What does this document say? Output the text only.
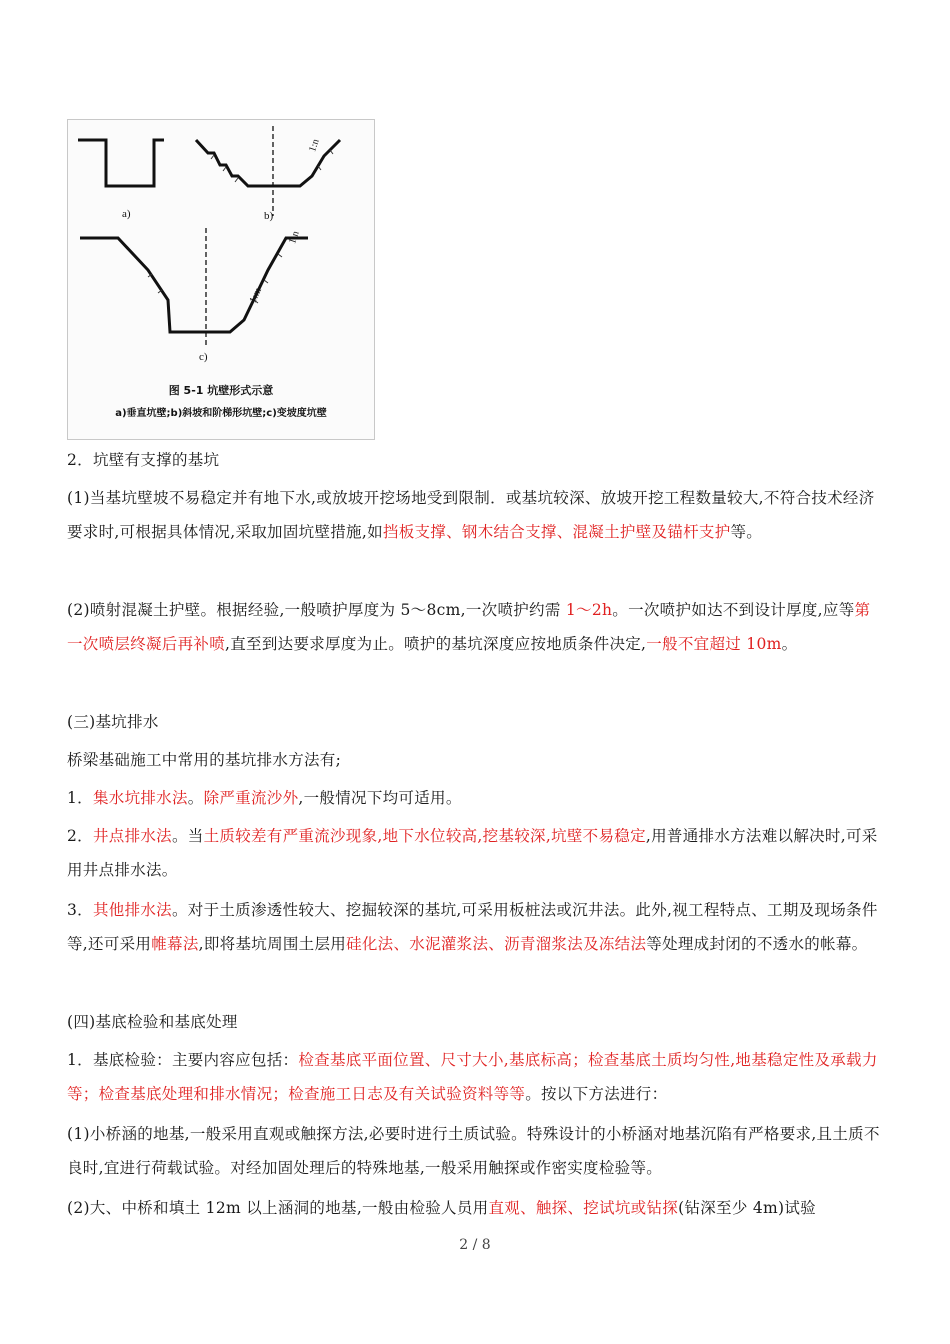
a)	b)
c)
1:n
1:n
1:m
图 5-1 坑壁形式示意
a)垂直坑壁;b)斜坡和阶梯形坑壁;c)变坡度坑壁
2．坑壁有支撑的基坑
(1)当基坑壁坡不易稳定并有地下水,或放坡开挖场地受到限制．或基坑较深、放坡开挖工程数量较大,不符合技术经济要求时,可根据具体情况,采取加固坑壁措施,如挡板支撑、钢木结合支撑、混凝土护壁及锚杆支护等。
(2)喷射混凝土护壁。根据经验,一般喷护厚度为 5～8cm,一次喷护约需 1～2h。一次喷护如达不到设计厚度,应等第一次喷层终凝后再补喷,直至到达要求厚度为止。喷护的基坑深度应按地质条件决定,一般不宜超过 10m。
(三)基坑排水
桥梁基础施工中常用的基坑排水方法有;
1．集水坑排水法。除严重流沙外,一般情况下均可适用。
2．井点排水法。当土质较差有严重流沙现象,地下水位较高,挖基较深,坑壁不易稳定,用普通排水方法难以解决时,可采用井点排水法。
3．其他排水法。对于土质渗透性较大、挖掘较深的基坑,可采用板桩法或沉井法。此外,视工程特点、工期及现场条件等,还可采用帷幕法,即将基坑周围土层用硅化法、水泥灌浆法、沥青溜浆法及冻结法等处理成封闭的不透水的帐幕。
(四)基底检验和基底处理
1．基底检验：主要内容应包括：检查基底平面位置、尺寸大小,基底标高；检查基底土质均匀性,地基稳定性及承载力等；检查基底处理和排水情况；检查施工日志及有关试验资料等等。按以下方法进行：
(1)小桥涵的地基,一般采用直观或触探方法,必要时进行土质试验。特殊设计的小桥涵对地基沉陷有严格要求,且土质不良时,宜进行荷载试验。对经加固处理后的特殊地基,一般采用触探或作密实度检验等。
(2)大、中桥和填土 12m 以上涵洞的地基,一般由检验人员用直观、触探、挖试坑或钻探(钻深至少 4m)试验
2 / 8
